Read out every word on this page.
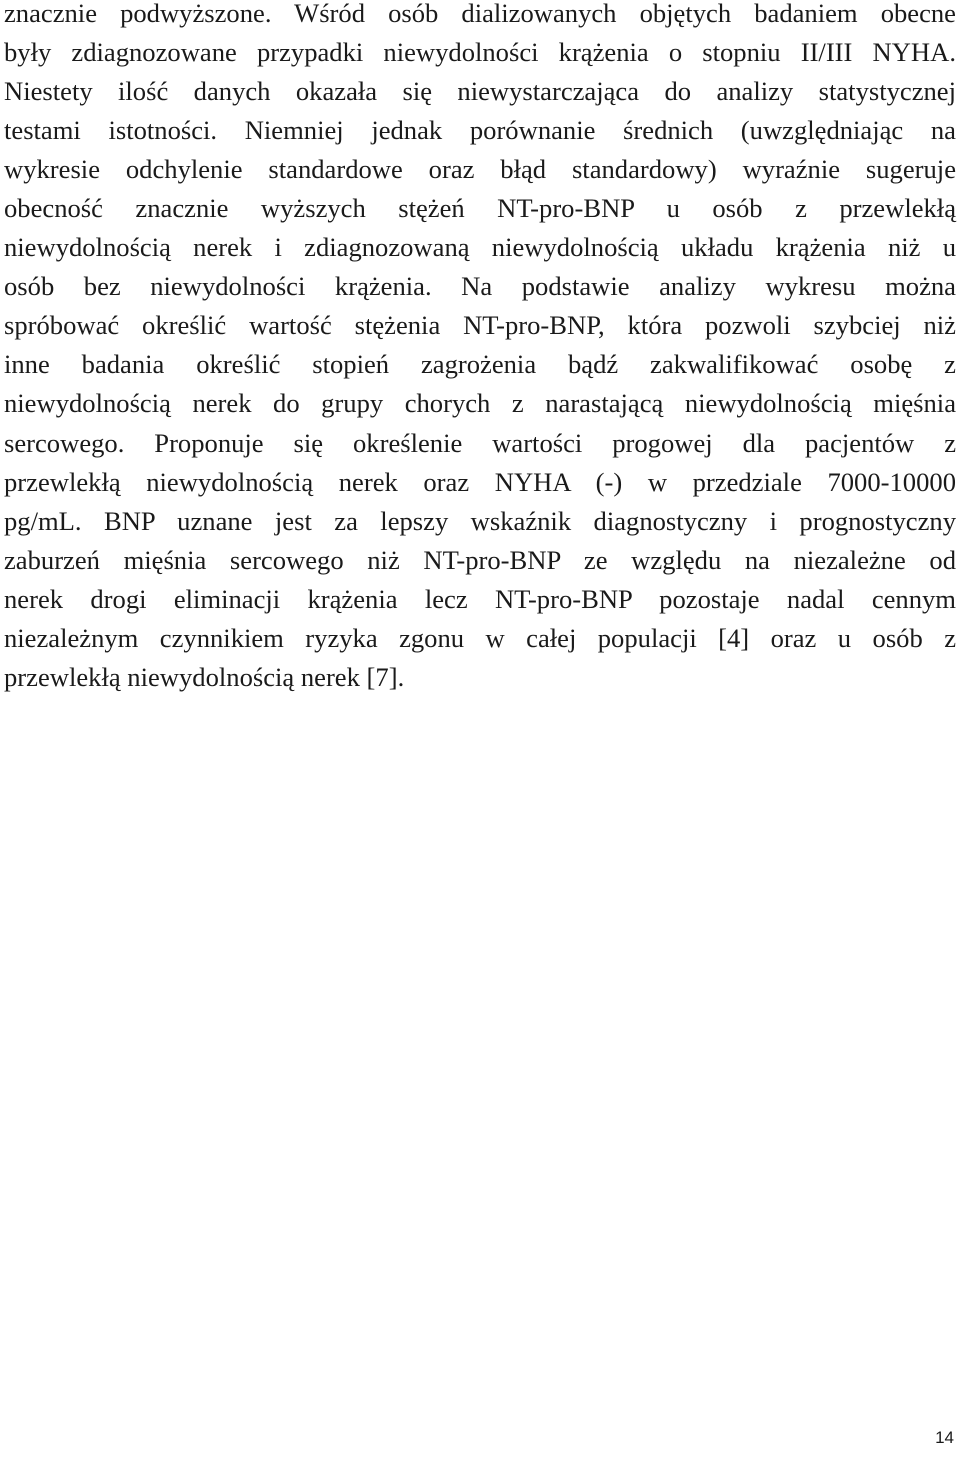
znacznie podwyższone. Wśród osób dializowanych objętych badaniem obecne
były zdiagnozowane przypadki niewydolności krążenia o stopniu II/III NYHA.
Niestety ilość danych okazała się niewystarczająca do analizy statystycznej
testami istotności. Niemniej jednak porównanie średnich (uwzględniając na
wykresie odchylenie standardowe oraz błąd standardowy) wyraźnie sugeruje
obecność znacznie wyższych stężeń NT-pro-BNP u osób z przewlekłą
niewydolnością nerek i zdiagnozowaną niewydolnością układu krążenia niż u
osób bez niewydolności krążenia. Na podstawie analizy wykresu można
spróbować określić wartość stężenia NT-pro-BNP, która pozwoli szybciej niż
inne badania określić stopień zagrożenia bądź zakwalifikować osobę z
niewydolnością nerek do grupy chorych z narastającą niewydolnością mięśnia
sercowego. Proponuje się określenie wartości progowej dla pacjentów z
przewlekłą niewydolnością nerek oraz NYHA (-) w przedziale 7000-10000
pg/mL. BNP uznane jest za lepszy wskaźnik diagnostyczny i prognostyczny
zaburzeń mięśnia sercowego niż NT-pro-BNP ze względu na niezależne od
nerek drogi eliminacji krążenia lecz NT-pro-BNP pozostaje nadal cennym
niezależnym czynnikiem ryzyka zgonu w całej populacji [4] oraz u osób z
przewlekłą niewydolnością nerek [7].
14
